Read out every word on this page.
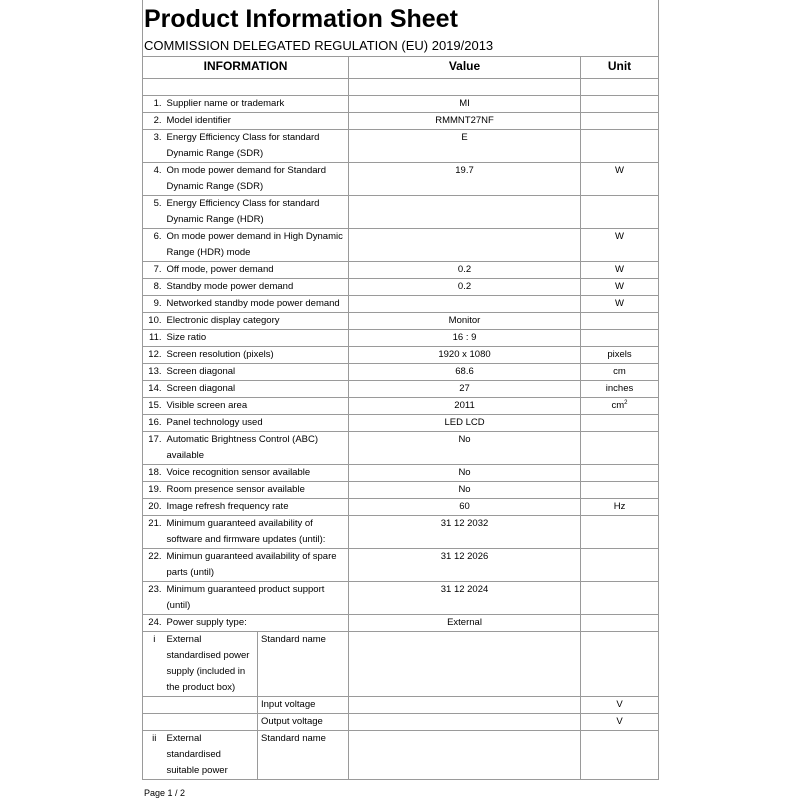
Product Information Sheet
COMMISSION DELEGATED REGULATION (EU) 2019/2013
INFORMATION			Value	Unit

1.	Supplier name or trademark		MI	
2.	Model identifier		RMMNT27NF	
3.	Energy Efficiency Class for standard Dynamic Range (SDR)		E	
4.	On mode power demand for Standard Dynamic Range (SDR)		19.7	W
5.	Energy Efficiency Class for standard Dynamic Range (HDR)			
6.	On mode power demand in High Dynamic Range (HDR) mode			W
7.	Off mode, power demand		0.2	W
8.	Standby mode power demand		0.2	W
9.	Networked standby mode power demand			W
10.	Electronic display category		Monitor	
11.	Size ratio		16 : 9	
12.	Screen resolution (pixels)		1920 x 1080	pixels
13.	Screen diagonal		68.6	cm
14.	Screen diagonal		27	inches
15.	Visible screen area		2011	$cm^2$
16.	Panel technology used		LED LCD	
17.	Automatic Brightness Control (ABC) available		No	
18.	Voice recognition sensor available		No	
19.	Room presence sensor available		No	
20.	Image refresh frequency rate		60	Hz
21.	Minimum guaranteed availability of software and firmware updates (until):		31 12 2032	
22.	Minimun guaranteed availability of spare parts (until)		31 12 2026	
23.	Minimum guaranteed product support (until)		31 12 2024	
24.	Power supply type:		External	
i	External standardised power supply (included in the product box)	Standard name		
		Input voltage		V
		Output voltage		V
ii	External standardised suitable power	Standard name		
Page 1 / 2
